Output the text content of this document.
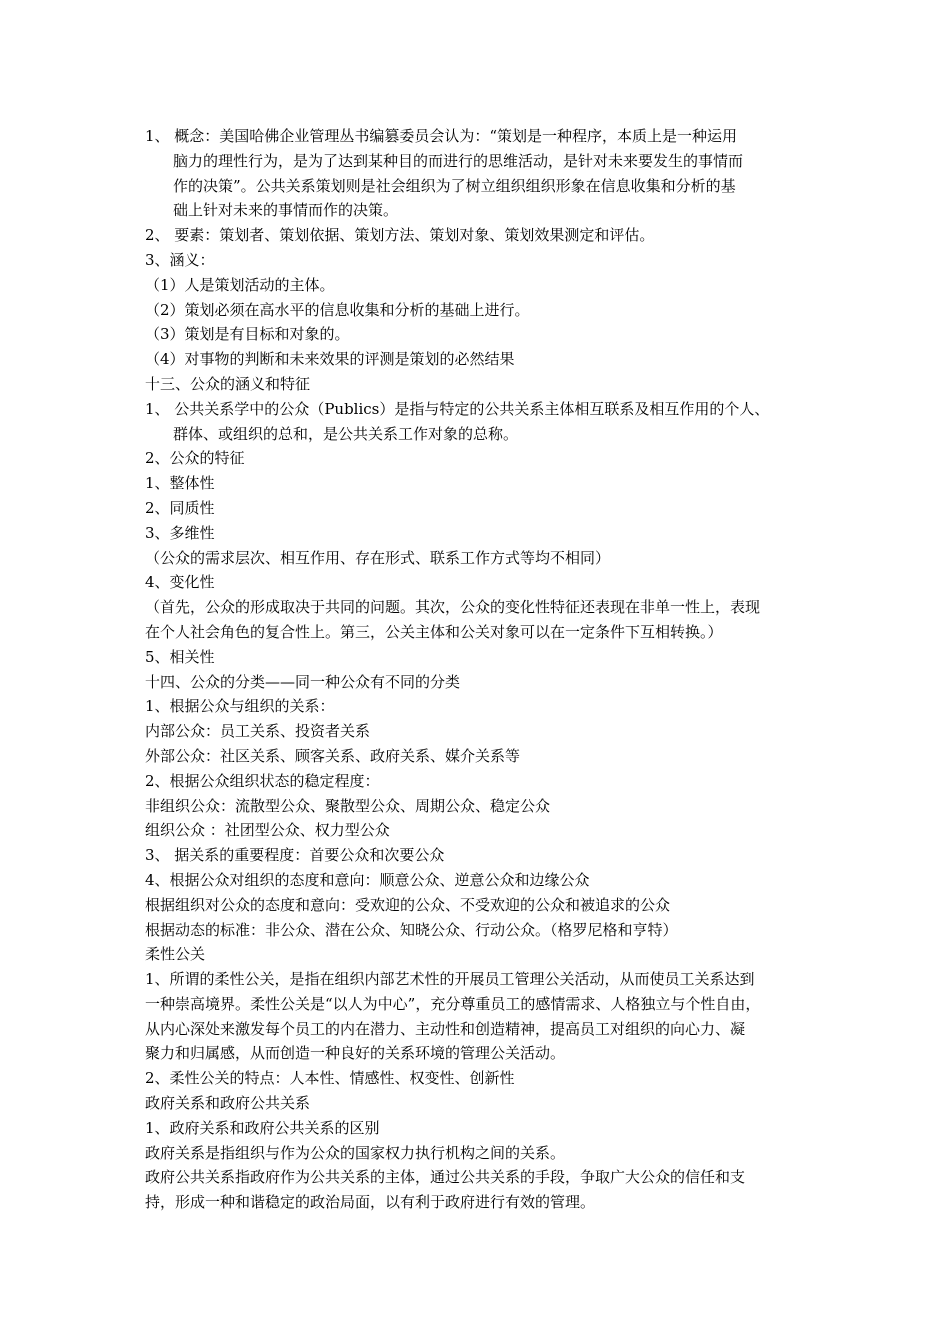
1、 概念：美国哈佛企业管理丛书编篡委员会认为：“策划是一种程序，本质上是一种运用
脑力的理性行为，是为了达到某种目的而进行的思维活动，是针对未来要发生的事情而
作的决策”。公共关系策划则是社会组织为了树立组织组织形象在信息收集和分析的基
础上针对未来的事情而作的决策。
2、 要素：策划者、策划依据、策划方法、策划对象、策划效果测定和评估。
3、涵义：
（1）人是策划活动的主体。
（2）策划必须在高水平的信息收集和分析的基础上进行。
（3）策划是有目标和对象的。
（4）对事物的判断和未来效果的评测是策划的必然结果
十三、公众的涵义和特征
1、 公共关系学中的公众（Publics）是指与特定的公共关系主体相互联系及相互作用的个人、
群体、或组织的总和，是公共关系工作对象的总称。
2、公众的特征
1、整体性
2、同质性
3、多维性
（公众的需求层次、相互作用、存在形式、联系工作方式等均不相同）
4、变化性
（首先，公众的形成取决于共同的问题。其次，公众的变化性特征还表现在非单一性上，表现
在个人社会角色的复合性上。第三，公关主体和公关对象可以在一定条件下互相转换。）
5、相关性
十四、公众的分类——同一种公众有不同的分类
1、根据公众与组织的关系：
内部公众：员工关系、投资者关系
外部公众：社区关系、顾客关系、政府关系、媒介关系等
2、根据公众组织状态的稳定程度：
非组织公众：流散型公众、聚散型公众、周期公众、稳定公众
组织公众 ：社团型公众、权力型公众
3、 据关系的重要程度：首要公众和次要公众
4、根据公众对组织的态度和意向：顺意公众、逆意公众和边缘公众
根据组织对公众的态度和意向：受欢迎的公众、不受欢迎的公众和被追求的公众
根据动态的标准：非公众、潜在公众、知晓公众、行动公众。（格罗尼格和亨特）
柔性公关
1、所谓的柔性公关，是指在组织内部艺术性的开展员工管理公关活动，从而使员工关系达到
一种崇高境界。柔性公关是“以人为中心”，充分尊重员工的感情需求、人格独立与个性自由，
从内心深处来激发每个员工的内在潜力、主动性和创造精神，提高员工对组织的向心力、凝
聚力和归属感，从而创造一种良好的关系环境的管理公关活动。
2、柔性公关的特点：人本性、情感性、权变性、创新性
政府关系和政府公共关系
1、政府关系和政府公共关系的区别
政府关系是指组织与作为公众的国家权力执行机构之间的关系。
政府公共关系指政府作为公共关系的主体，通过公共关系的手段，争取广大公众的信任和支
持，形成一种和谐稳定的政治局面，以有利于政府进行有效的管理。
